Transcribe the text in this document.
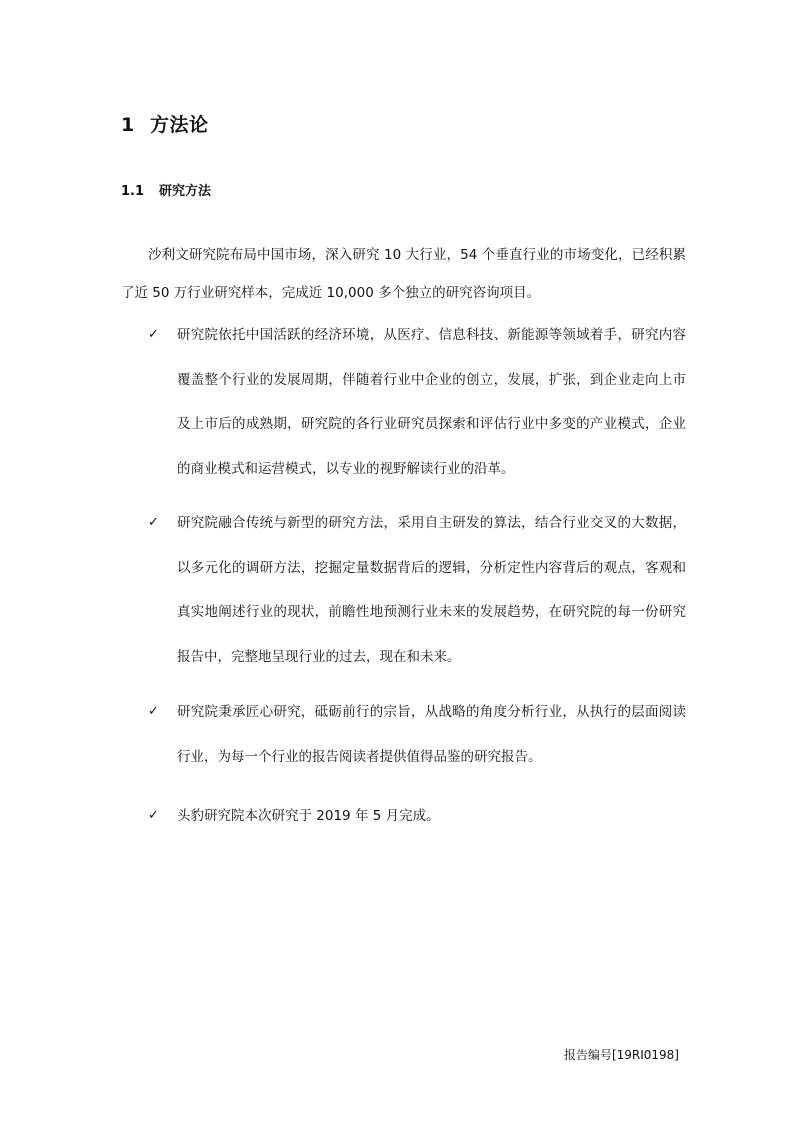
1 方法论
1.1 研究方法

沙利文研究院布局中国市场，深入研究 10 大行业，54 个垂直行业的市场变化，已经积累了近 50 万行业研究样本，完成近 10,000 多个独立的研究咨询项目。

✓ 研究院依托中国活跃的经济环境，从医疗、信息科技、新能源等领域着手，研究内容覆盖整个行业的发展周期，伴随着行业中企业的创立，发展，扩张，到企业走向上市及上市后的成熟期，研究院的各行业研究员探索和评估行业中多变的产业模式，企业的商业模式和运营模式，以专业的视野解读行业的沿革。

✓ 研究院融合传统与新型的研究方法，采用自主研发的算法，结合行业交叉的大数据，以多元化的调研方法，挖掘定量数据背后的逻辑，分析定性内容背后的观点，客观和真实地阐述行业的现状，前瞻性地预测行业未来的发展趋势，在研究院的每一份研究报告中，完整地呈现行业的过去，现在和未来。

✓ 研究院秉承匠心研究，砥砺前行的宗旨，从战略的角度分析行业，从执行的层面阅读行业，为每一个行业的报告阅读者提供值得品鉴的研究报告。

✓ 头豹研究院本次研究于 2019 年 5 月完成。

报告编号[19RI0198]
